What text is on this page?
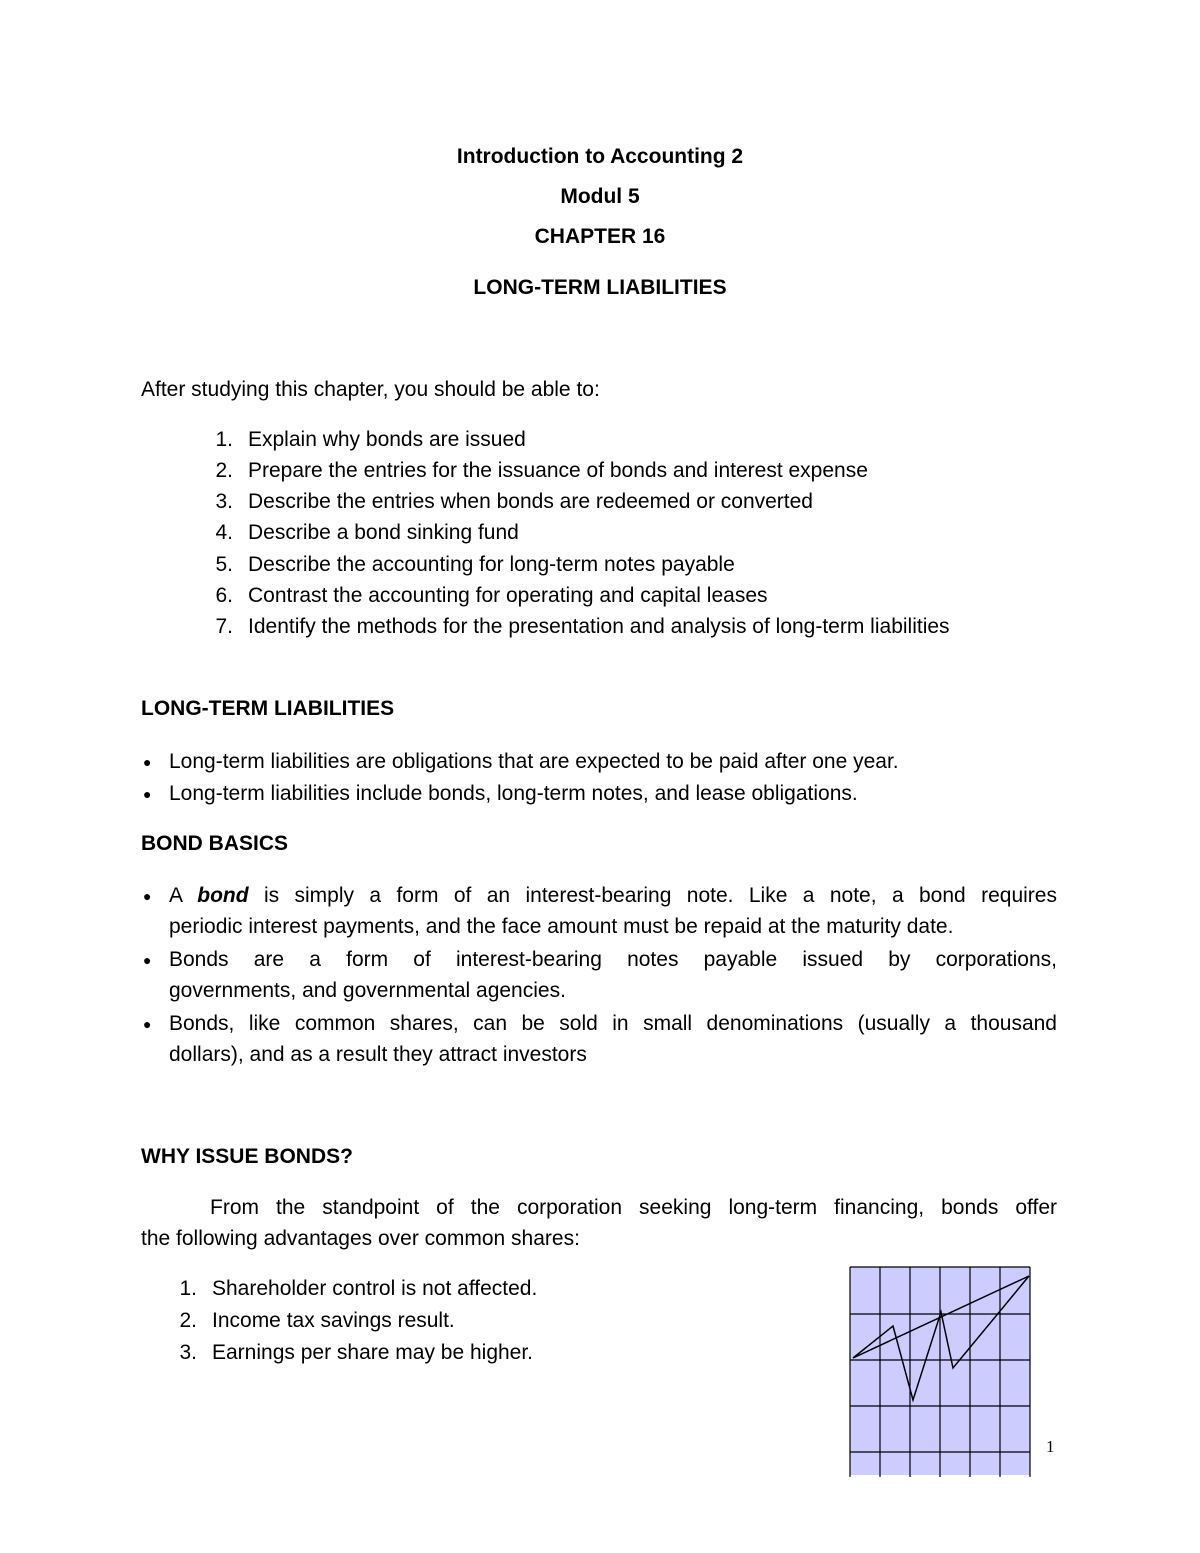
Introduction to Accounting 2
Modul 5
CHAPTER 16
LONG-TERM LIABILITIES
After studying this chapter, you should be able to:
1. Explain why bonds are issued
2. Prepare the entries for the issuance of bonds and interest expense
3. Describe the entries when bonds are redeemed or converted
4. Describe a bond sinking fund
5. Describe the accounting for long-term notes payable
6. Contrast the accounting for operating and capital leases
7. Identify the methods for the presentation and analysis of long-term liabilities
LONG-TERM LIABILITIES
● Long-term liabilities are obligations that are expected to be paid after one year.
● Long-term liabilities include bonds, long-term notes, and lease obligations.
BOND BASICS
● A bond is simply a form of an interest-bearing note. Like a note, a bond requires
periodic interest payments, and the face amount must be repaid at the maturity date.
● Bonds are a form of interest-bearing notes payable issued by corporations,
governments, and governmental agencies.
● Bonds, like common shares, can be sold in small denominations (usually a thousand
dollars), and as a result they attract investors
WHY ISSUE BONDS?
From the standpoint of the corporation seeking long-term financing, bonds offer
the following advantages over common shares:
1. Shareholder control is not affected.
2. Income tax savings result.
3. Earnings per share may be higher.
1
